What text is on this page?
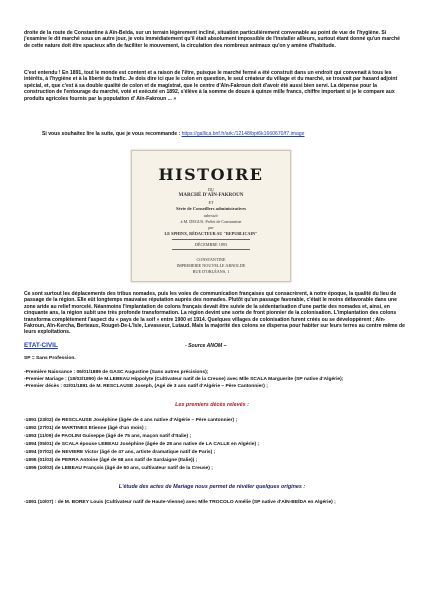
droite de la route de Constantine à Aïn-Beïda, sur un terrain légèrement incliné, situation particulièrement convenable au point de vue de l'hygiène. Si j'examine le dit marché sous un autre jour, je vois immédiatement qu'il était absolument impossible de l'installer ailleurs, surtout étant donné qu'un marché de cette nature doit être spacieux afin de faciliter le mouvement, la circulation des nombreux animaux qu'on y amène d'habitude.

C'est entendu ! En 1891, tout le monde est content et a raison de l'être, puisque le marché fermé a été construit dans un endroit qui convenait à tous les intérêts, à l'hygiène et à la liberté du trafic. Je dois dire ici que le colon en question, le seul créateur du village et du marché, se trouvait par hasard adjoint spécial, et, que c'est à sa double qualité de colon et de magistrat, que le centre d'Aïn-Fakroun doit d'avoir été aussi bien servi. La dépense pour la construction de l'entourage du marché, voté et exécuté en 1892, s'élève à la somme de douze à quinze mille francs, chiffre important si je le compare aux produits agricoles fournis par la population d' Aïn-Fakroun ... »

Si vous souhaitez lire la suite, que je vous recommande : https://gallica.bnf.fr/ark:/12148/bpt6k1660670/f7.image

HISTOIRE
DU
MARCHÉ D'AÏN-FAKROUN
ET
Série de Conseillers administratives
adressée
à M. DEGUS, Préfet de Constantine
par
LE SPHINX, RÉDACTEUR AU "REPUBLICAIN"
DÉCEMBRE 1893
CONSTANTINE
IMPRIMERIE NOUVELLE ARNOLDE
RUE D'ORLÉANS, 1

Ce sont surtout les déplacements des tribus nomades, puis les voies de communication françaises qui consacrèrent, à notre époque, la qualité du lieu de passage de la région. Elle eût longtemps mauvaise réputation auprès des nomades. Plutôt qu'un passage favorable, c'était le moins défavorable dans une zone aride au relief morcelé. Néanmoins l'implantation de colons français devait être suivie de la sédentarisation d'une partie des nomades et, ainsi, en cinquante ans, la région subit une très profonde transformation. La région devint une sorte de front pionnier de la colonisation. L'implantation des colons transforma complètement l'aspect du « pays de la soif » entre 1900 et 1914. Quelques villages de colonisation furent créés ou se développèrent ; Aïn-Fakroun, Aïn-Kercha, Berteaux, Rouget-De-L'Isle, Levasseur, Lutaud. Mais la majorité des colons se dispersa pour habiter sur leurs terres au centre même de leurs exploitations.

ETAT-CIVIL	- Source ANOM –
SP = Sans Profession.
-Première Naissance : 06/01/1889 de GASC Augustine (Sans autres précisions);
-Premier Mariage : (18/03/1890) de M.LEBEAU Hippolyte (Cultivateur natif de la Creuse) avec Mlle SCALA Marguerite (SP native d'Algérie);
-Premier décès : 02/01/1891 de M. RESCLAUSE Joseph, (Agé de 3 ans natif d'Algérie – Père Cantonnier) ;
Les premiers décès relevés :
-1891 (23/02) de RESCLAUSE Joséphine (âgée de 4 ans native d'Algérie – Père cantonnier) ;
-1892 (27/01) de MARTINES Etienne (âgé d'un mois) ;
-1893 (11/09) de PAOLINI Guiseppe (âgé de 75 ans, maçon natif d'Italie) ;
-1894 (05/01) de SCALA épouse LEBEAU Joséphine (âgée de 28 ans native de LA CALLE en Algérie) ;
-1894 (07/02) de NEVIERE Victor (âgé de 47 ans, artiste dramatique natif de Paris) ;
-1895 (01/03) de PERRA Antoine (âgé de 68 ans natif de Sardaigne (Italie)) ;
-1895 (10/03) de LEBEAU François (âgé de 60 ans, cultivateur natif de la Creuse) ;
L'étude des actes de Mariage nous permet de révéler quelques origines :
-1891 (10/07) : de M. BOREY Louis (Cultivateur natif de Haute-Vienne) avec Mlle TROCOLO Amélie (SP native d'AÏN-BEÏDA en Algérie) ;
